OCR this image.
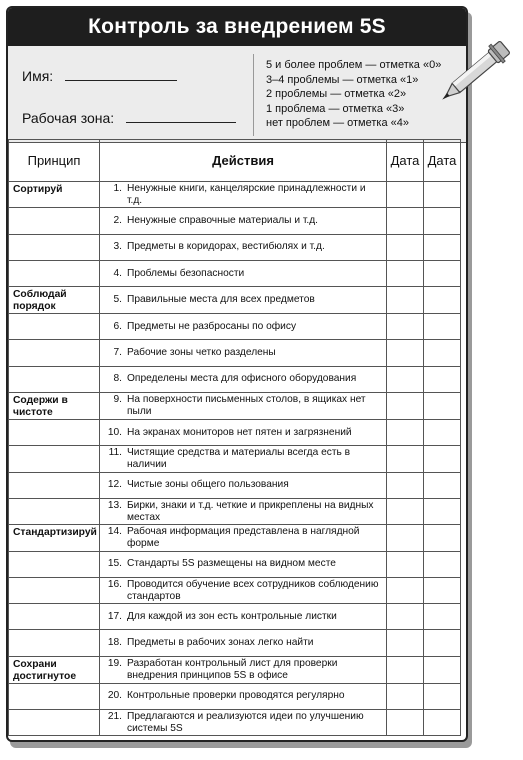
Контроль за внедрением 5S
Имя:
Рабочая зона:
5 и более проблем — отметка «0»
3–4 проблемы — отметка «1»
2 проблемы — отметка «2»
1 проблема — отметка «3»
нет проблем — отметка «4»
Принцип	Действия	Дата	Дата
Сортируй	1. Ненужные книги, канцелярские принадлежности и т.д.		

	2. Ненужные справочные материалы и т.д.		

	3. Предметы в коридорах, вестибюлях и т.д.		

	4. Проблемы безопасности		

Соблюдай порядок	5. Правильные места для всех предметов		

	6. Предметы не разбросаны по офису		

	7. Рабочие зоны четко разделены		

	8. Определены места для офисного оборудования		

Содержи в чистоте	9. На поверхности письменных столов, в ящиках нет пыли		

	10. На экранах мониторов нет пятен и загрязнений		

	11. Чистящие средства и материалы всегда есть в наличии		

	12. Чистые зоны общего пользования		

	13. Бирки, знаки и т.д. четкие и прикреплены на видных местах		

Стандартизируй	14. Рабочая информация представлена в наглядной форме		

	15. Стандарты 5S размещены на видном месте		

	16. Проводится обучение всех сотрудников соблюдению стандартов		

	17. Для каждой из зон есть контрольные листки		

	18. Предметы в рабочих зонах легко найти		

Сохрани достигнутое	19. Разработан контрольный лист для проверки внедрения принципов 5S в офисе		

	20. Контрольные проверки проводятся регулярно		

	21. Предлагаются и реализуются идеи по улучшению системы 5S		
